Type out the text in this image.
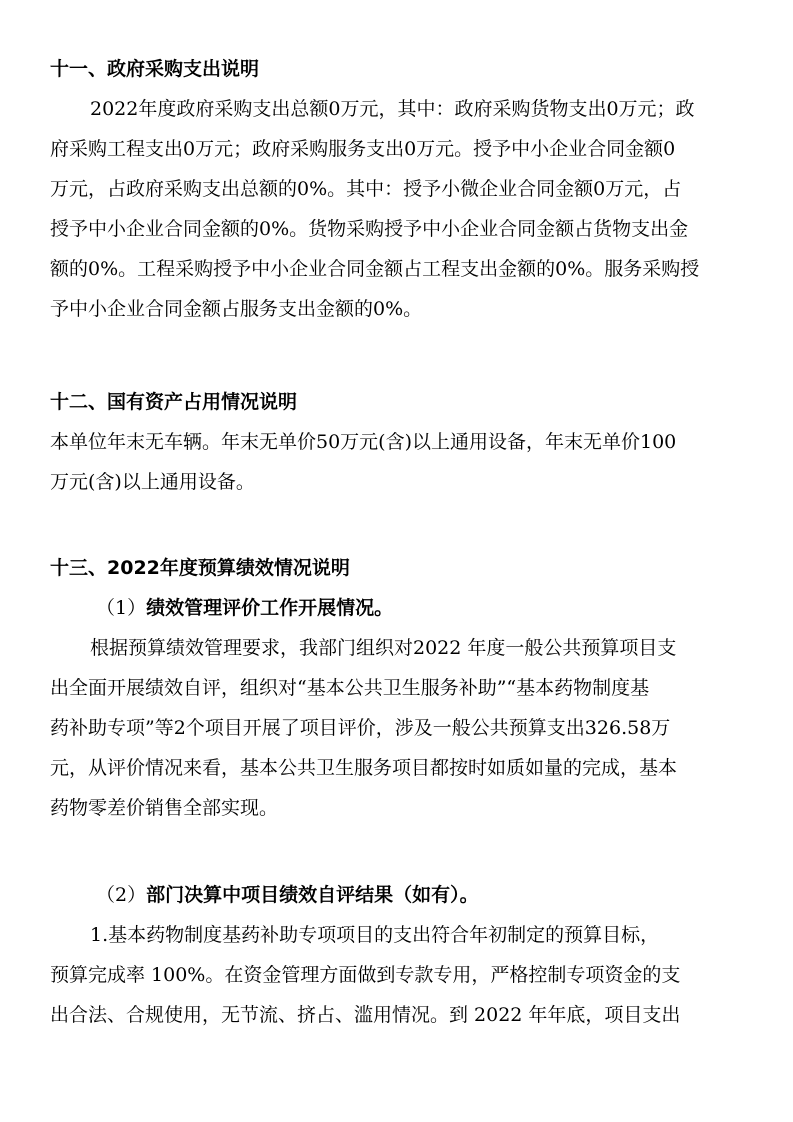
十一、政府采购支出说明

2022年度政府采购支出总额0万元，其中：政府采购货物支出0万元；政

府采购工程支出0万元；政府采购服务支出0万元。授予中小企业合同金额0

万元，占政府采购支出总额的0%。其中：授予小微企业合同金额0万元，占

授予中小企业合同金额的0%。货物采购授予中小企业合同金额占货物支出金

额的0%。工程采购授予中小企业合同金额占工程支出金额的0%。服务采购授

予中小企业合同金额占服务支出金额的0%。

十二、国有资产占用情况说明

本单位年末无车辆。年末无单价50万元(含)以上通用设备，年末无单价100

万元(含)以上通用设备。

十三、2022年度预算绩效情况说明
（1）绩效管理评价工作开展情况。

根据预算绩效管理要求，我部门组织对2022 年度一般公共预算项目支

出全面开展绩效自评，组织对“基本公共卫生服务补助”“基本药物制度基

药补助专项”等2个项目开展了项目评价，涉及一般公共预算支出326.58万

元，从评价情况来看，基本公共卫生服务项目都按时如质如量的完成，基本

药物零差价销售全部实现。

（2）部门决算中项目绩效自评结果（如有）。

1.基本药物制度基药补助专项项目的支出符合年初制定的预算目标，

预算完成率 100%。在资金管理方面做到专款专用，严格控制专项资金的支

出合法、合规使用，无节流、挤占、滥用情况。到 2022 年年底，项目支出
